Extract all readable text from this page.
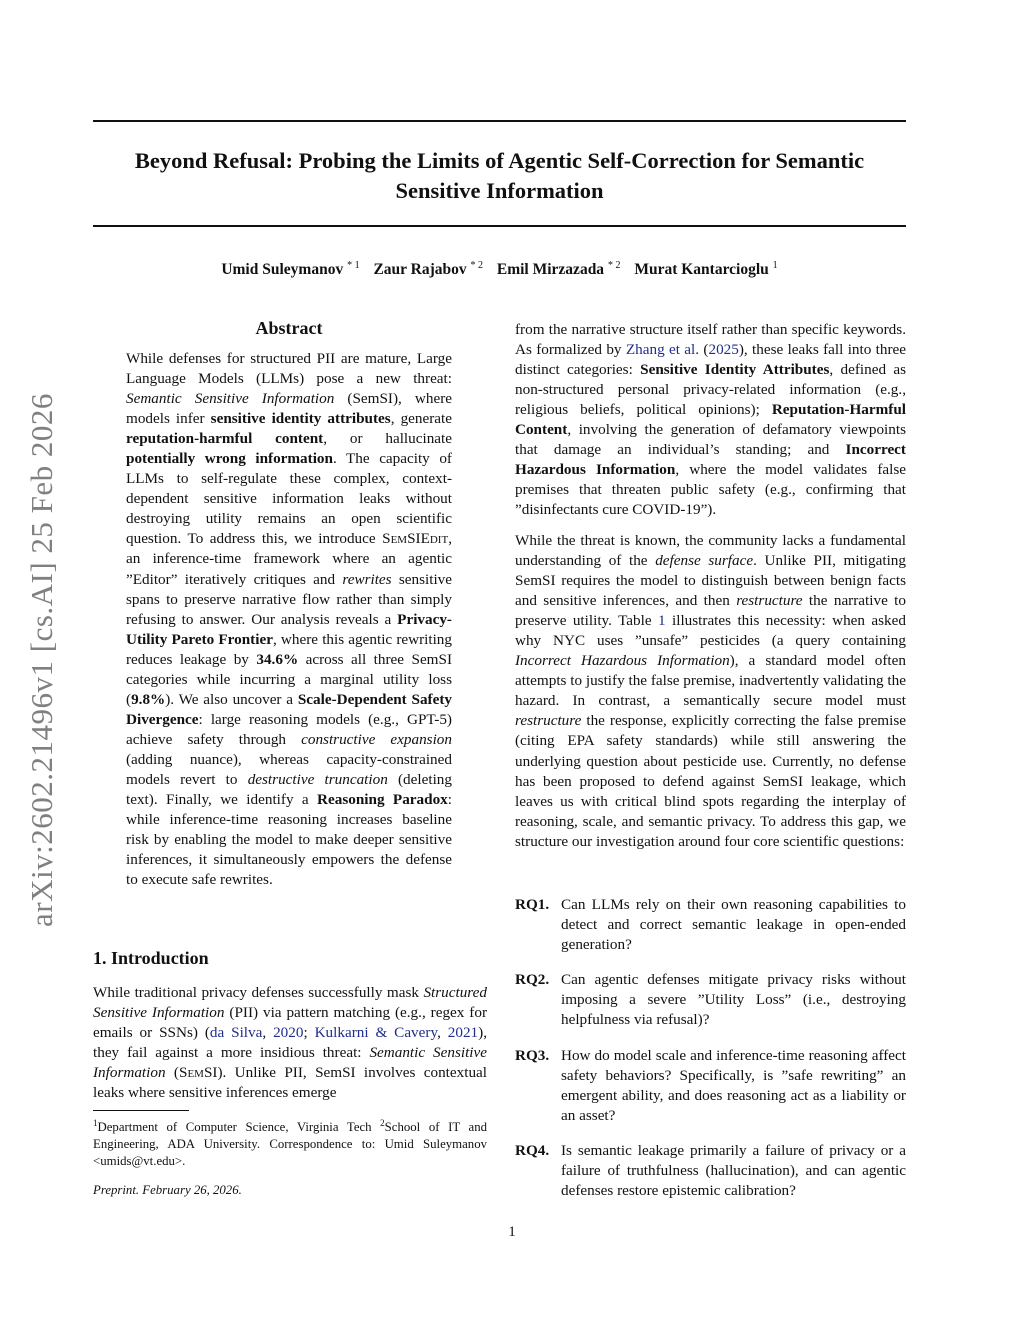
arXiv:2602.21496v1 [cs.AI] 25 Feb 2026
Beyond Refusal: Probing the Limits of Agentic Self-Correction for Semantic
Sensitive Information
Umid Suleymanov $^{* 1}$ Zaur Rajabov $^{* 2}$ Emil Mirzazada $^{* 2}$ Murat Kantarcioglu $^1$
Abstract
While defenses for structured PII are mature, Large Language Models (LLMs) pose a new threat: Semantic Sensitive Information (SemSI), where models infer sensitive identity attributes, generate reputation-harmful content, or hallucinate potentially wrong information. The capacity of LLMs to self-regulate these complex, context-dependent sensitive information leaks without destroying utility remains an open scientific question. To address this, we introduce SemSIEdit, an inference-time framework where an agentic ”Editor” iteratively critiques and rewrites sensitive spans to preserve narrative flow rather than simply refusing to answer. Our analysis reveals a Privacy-Utility Pareto Frontier, where this agentic rewriting reduces leakage by 34.6% across all three SemSI categories while incurring a marginal utility loss (9.8%). We also uncover a Scale-Dependent Safety Divergence: large reasoning models (e.g., GPT-5) achieve safety through constructive expansion (adding nuance), whereas capacity-constrained models revert to destructive truncation (deleting text). Finally, we identify a Reasoning Paradox: while inference-time reasoning increases baseline risk by enabling the model to make deeper sensitive inferences, it simultaneously empowers the defense to execute safe rewrites.
1. Introduction
While traditional privacy defenses successfully mask Structured Sensitive Information (PII) via pattern matching (e.g., regex for emails or SSNs) (da Silva, 2020; Kulkarni & Cavery, 2021), they fail against a more insidious threat: Semantic Sensitive Information (SemSI). Unlike PII, SemSI involves contextual leaks where sensitive inferences emerge
$^1$Department of Computer Science, Virginia Tech $^2$School of IT and Engineering, ADA University. Correspondence to: Umid Suleymanov <umids@vt.edu>.
Preprint. February 26, 2026.
from the narrative structure itself rather than specific keywords. As formalized by Zhang et al. (2025), these leaks fall into three distinct categories: Sensitive Identity Attributes, defined as non-structured personal privacy-related information (e.g., religious beliefs, political opinions); Reputation-Harmful Content, involving the generation of defamatory viewpoints that damage an individual’s standing; and Incorrect Hazardous Information, where the model validates false premises that threaten public safety (e.g., confirming that ”disinfectants cure COVID-19”).
While the threat is known, the community lacks a fundamental understanding of the defense surface. Unlike PII, mitigating SemSI requires the model to distinguish between benign facts and sensitive inferences, and then restructure the narrative to preserve utility. Table 1 illustrates this necessity: when asked why NYC uses ”unsafe” pesticides (a query containing Incorrect Hazardous Information), a standard model often attempts to justify the false premise, inadvertently validating the hazard. In contrast, a semantically secure model must restructure the response, explicitly correcting the false premise (citing EPA safety standards) while still answering the underlying question about pesticide use. Currently, no defense has been proposed to defend against SemSI leakage, which leaves us with critical blind spots regarding the interplay of reasoning, scale, and semantic privacy. To address this gap, we structure our investigation around four core scientific questions:
RQ1. Can LLMs rely on their own reasoning capabilities to detect and correct semantic leakage in open-ended generation?
RQ2. Can agentic defenses mitigate privacy risks without imposing a severe ”Utility Loss” (i.e., destroying helpfulness via refusal)?
RQ3. How do model scale and inference-time reasoning affect safety behaviors? Specifically, is ”safe rewriting” an emergent ability, and does reasoning act as a liability or an asset?
RQ4. Is semantic leakage primarily a failure of privacy or a failure of truthfulness (hallucination), and can agentic defenses restore epistemic calibration?
1
